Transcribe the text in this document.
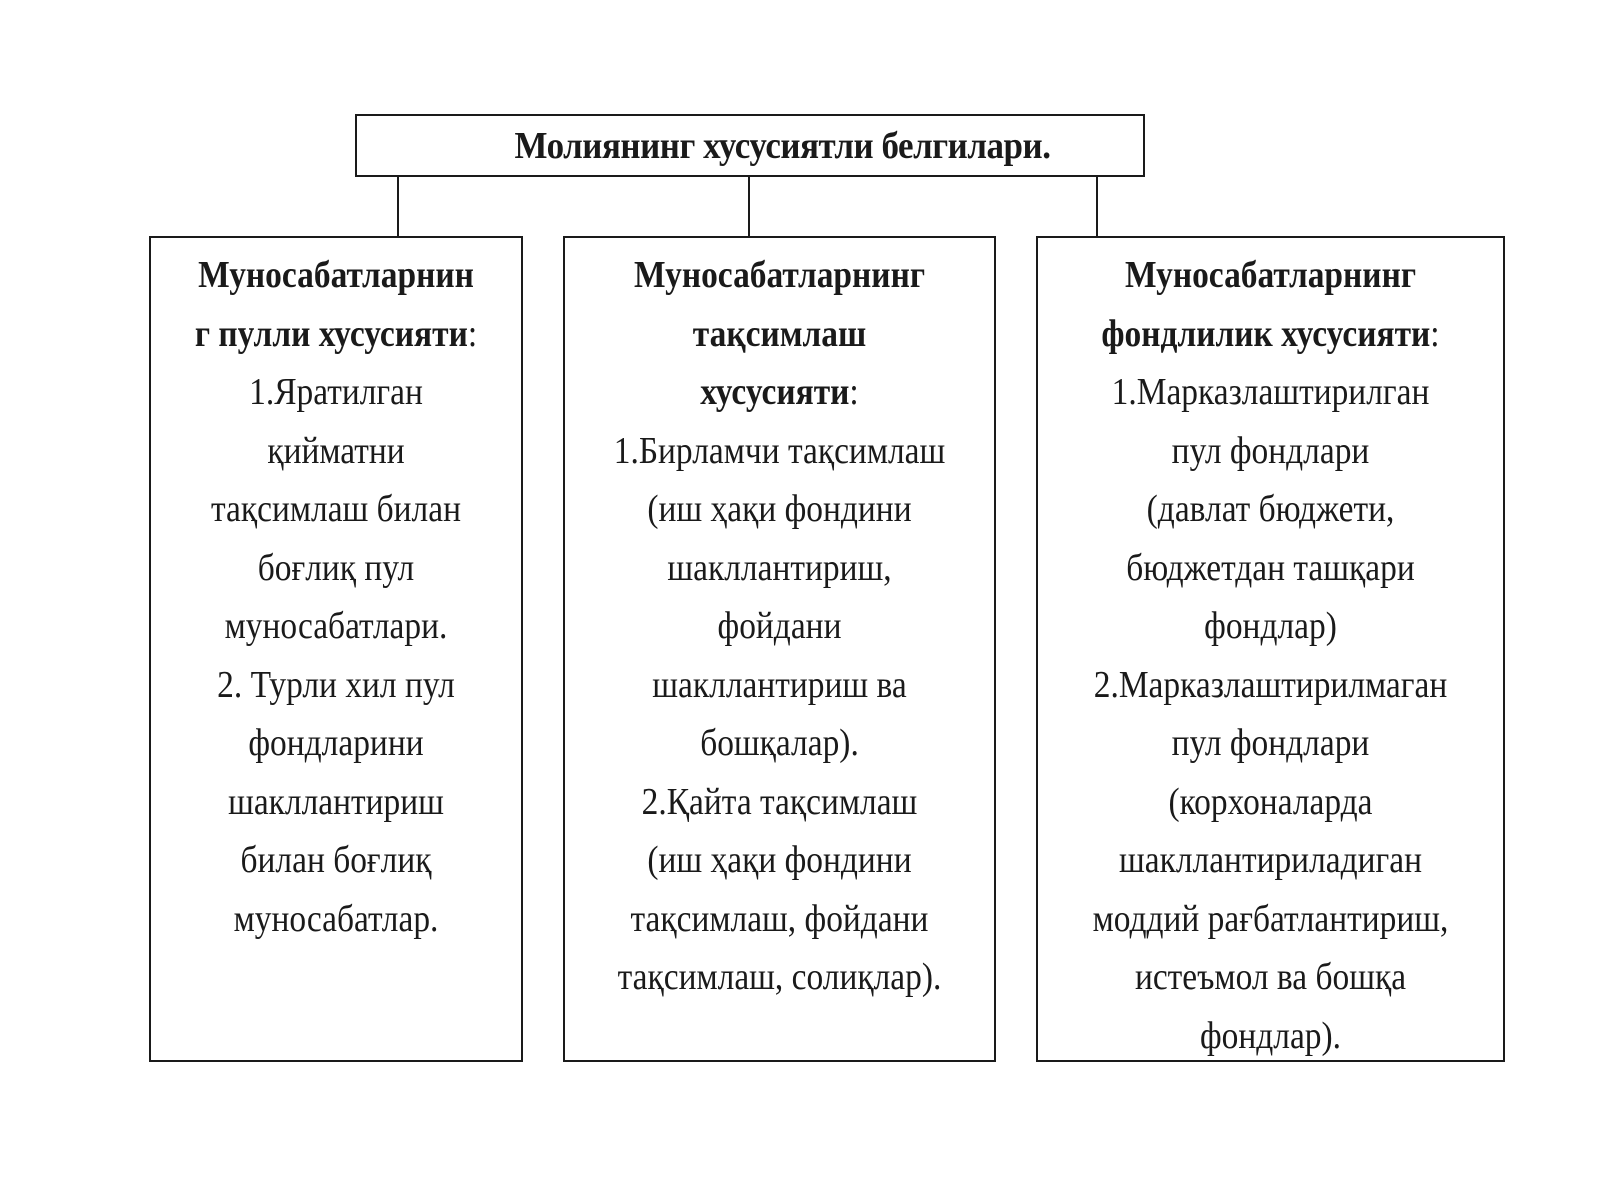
Молиянинг хусусиятли белгилари.
Муносабатларнин
г пулли хусусияти:
1.Яратилган
қийматни
тақсимлаш билан
боғлиқ пул
муносабатлари.
2. Турли хил пул
фондларини
шакллантириш
билан боғлиқ
муносабатлар.
Муносабатларнинг
тақсимлаш
хусусияти:
1.Бирламчи тақсимлаш
(иш ҳақи фондини
шакллантириш,
фойдани
шакллантириш ва
бошқалар).
2.Қайта тақсимлаш
(иш ҳақи фондини
тақсимлаш, фойдани
тақсимлаш, солиқлар).
Муносабатларнинг
фондлилик хусусияти:
1.Марказлаштирилган
пул фондлари
(давлат бюджети,
бюджетдан ташқари
фондлар)
2.Марказлаштирилмаган
пул фондлари
(корхоналарда
шакллантириладиган
моддий рағбатлантириш,
истеъмол ва бошқа
фондлар).
